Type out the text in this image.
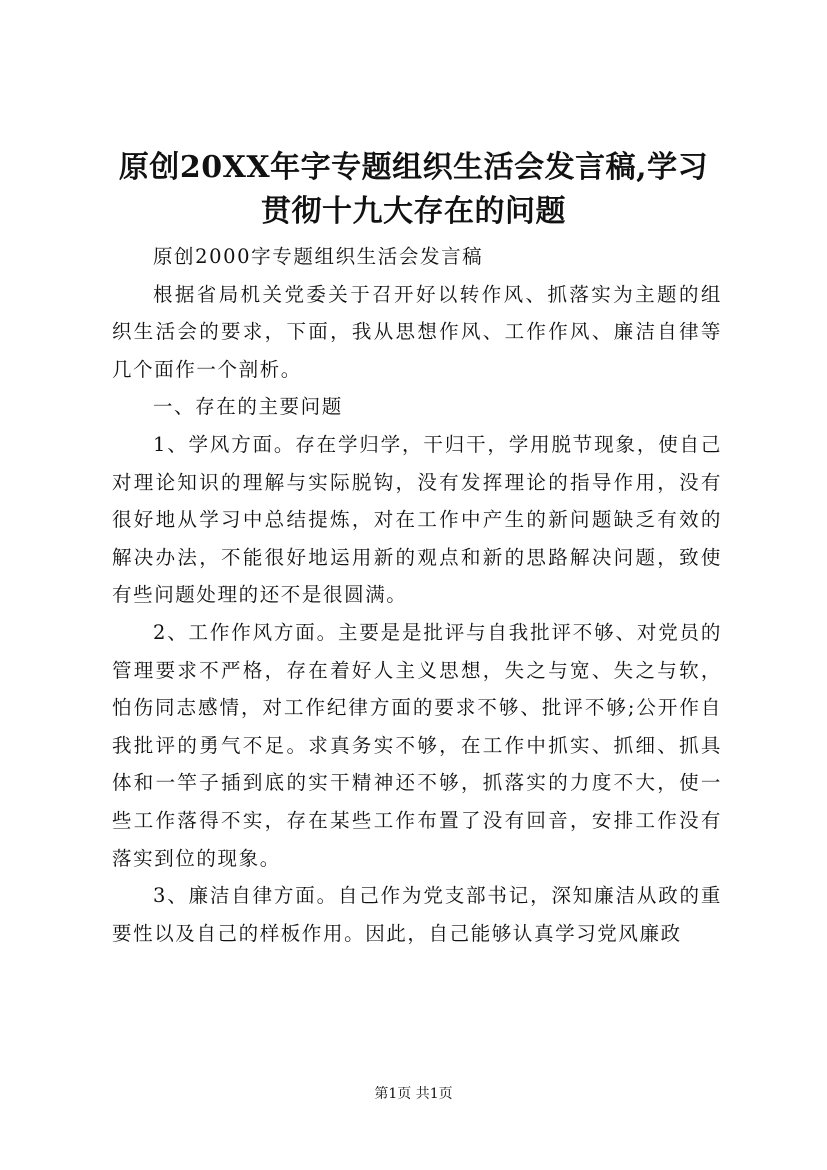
原创20XX年字专题组织生活会发言稿,学习贯彻十九大存在的问题

原创2000字专题组织生活会发言稿

根据省局机关党委关于召开好以转作风、抓落实为主题的组织生活会的要求，下面，我从思想作风、工作作风、廉洁自律等几个面作一个剖析。

一、存在的主要问题

1、学风方面。存在学归学，干归干，学用脱节现象，使自己对理论知识的理解与实际脱钩，没有发挥理论的指导作用，没有很好地从学习中总结提炼，对在工作中产生的新问题缺乏有效的解决办法，不能很好地运用新的观点和新的思路解决问题，致使有些问题处理的还不是很圆满。

2、工作作风方面。主要是是批评与自我批评不够、对党员的管理要求不严格，存在着好人主义思想，失之与宽、失之与软，怕伤同志感情，对工作纪律方面的要求不够、批评不够;公开作自我批评的勇气不足。求真务实不够，在工作中抓实、抓细、抓具体和一竿子插到底的实干精神还不够，抓落实的力度不大，使一些工作落得不实，存在某些工作布置了没有回音，安排工作没有落实到位的现象。

3、廉洁自律方面。自己作为党支部书记，深知廉洁从政的重要性以及自己的样板作用。因此，自己能够认真学习党风廉政

第1页 共1页
